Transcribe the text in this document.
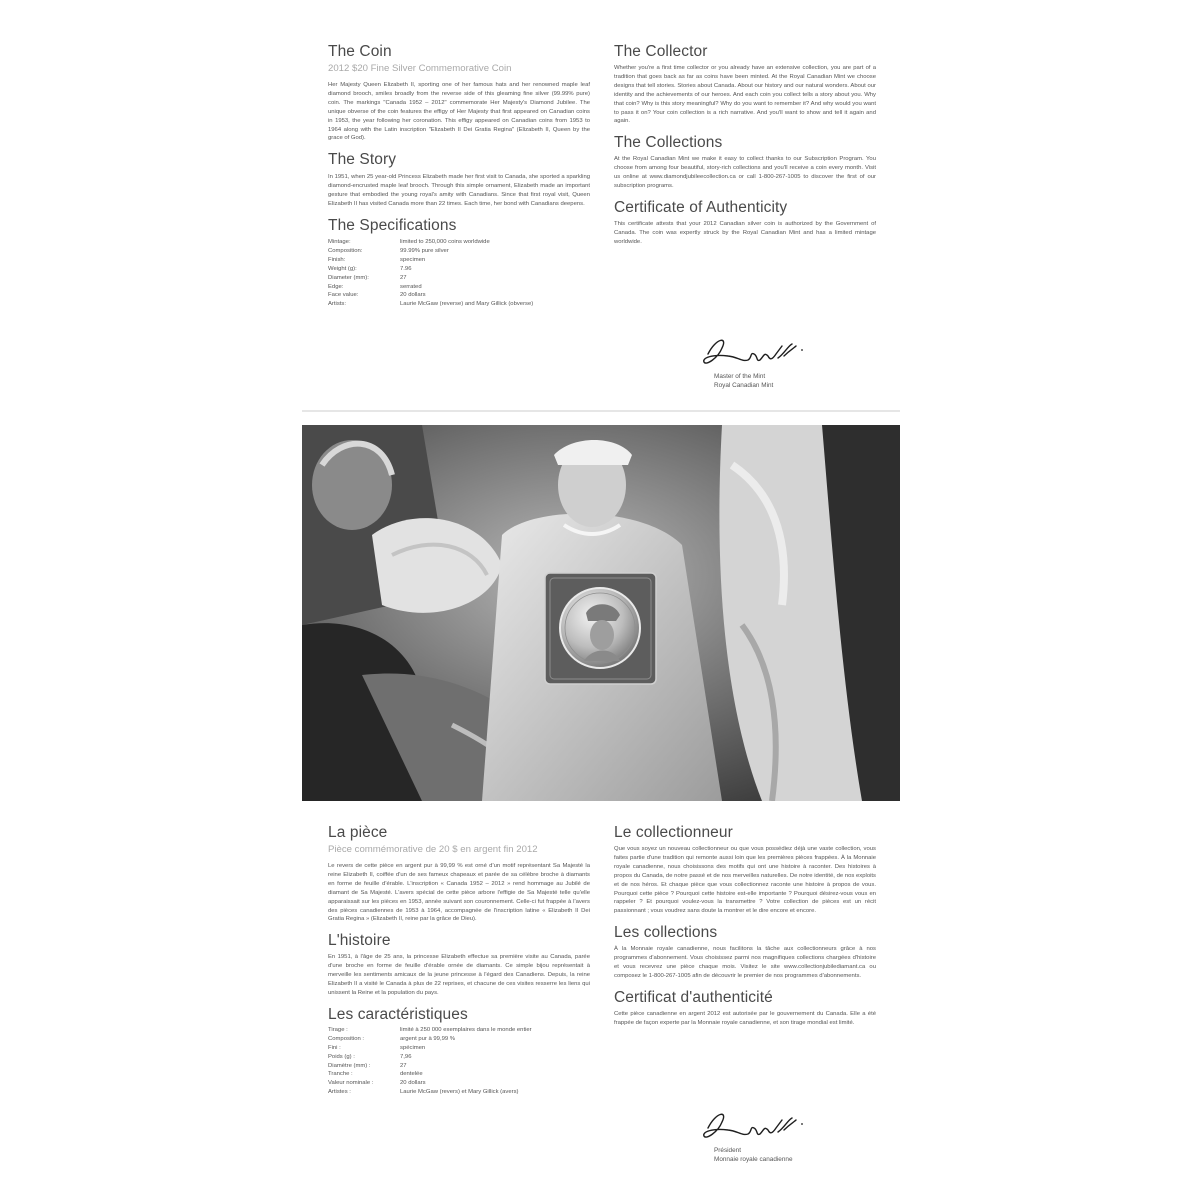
The Coin
2012 $20 Fine Silver Commemorative Coin

Her Majesty Queen Elizabeth II, sporting one of her famous hats and her renowned maple leaf diamond brooch, smiles broadly from the reverse side of this gleaming fine silver (99.99% pure) coin. The markings "Canada 1952 – 2012" commemorate Her Majesty's Diamond Jubilee. The unique obverse of the coin features the effigy of Her Majesty that first appeared on Canadian coins in 1953, the year following her coronation. This effigy appeared on Canadian coins from 1953 to 1964 along with the Latin inscription "Elizabeth II Dei Gratia Regina" (Elizabeth II, Queen by the grace of God).

The Story

In 1951, when 25 year-old Princess Elizabeth made her first visit to Canada, she sported a sparkling diamond-encrusted maple leaf brooch. Through this simple ornament, Elizabeth made an important gesture that embodied the young royal's amity with Canadians. Since that first royal visit, Queen Elizabeth II has visited Canada more than 22 times. Each time, her bond with Canadians deepens.

The Specifications
Mintage:	limited to 250,000 coins worldwide
Composition:	99.99% pure silver
Finish:	specimen
Weight (g):	7.96
Diameter (mm):	27
Edge:	serrated
Face value:	20 dollars
Artists:	Laurie McGaw (reverse) and Mary Gillick (obverse)
The Collector

Whether you're a first time collector or you already have an extensive collection, you are part of a tradition that goes back as far as coins have been minted. At the Royal Canadian Mint we choose designs that tell stories. Stories about Canada. About our history and our natural wonders. About our identity and the achievements of our heroes. And each coin you collect tells a story about you. Why that coin? Why is this story meaningful? Why do you want to remember it? And why would you want to pass it on? Your coin collection is a rich narrative. And you'll want to show and tell it again and again.

The Collections

At the Royal Canadian Mint we make it easy to collect thanks to our Subscription Program. You choose from among four beautiful, story-rich collections and you'll receive a coin every month. Visit us online at www.diamondjubileecollection.ca or call 1-800-267-1005 to discover the first of our subscription programs.

Certificate of Authenticity

This certificate attests that your 2012 Canadian silver coin is authorized by the Government of Canada. The coin was expertly struck by the Royal Canadian Mint and has a limited mintage worldwide.

Master of the Mint
Royal Canadian Mint
La pièce
Pièce commémorative de 20 $ en argent fin 2012

Le revers de cette pièce en argent pur à 99,99 % est orné d'un motif représentant Sa Majesté la reine Elizabeth II, coiffée d'un de ses fameux chapeaux et parée de sa célèbre broche à diamants en forme de feuille d'érable. L'inscription « Canada 1952 – 2012 » rend hommage au Jubilé de diamant de Sa Majesté. L'avers spécial de cette pièce arbore l'effigie de Sa Majesté telle qu'elle apparaissait sur les pièces en 1953, année suivant son couronnement. Celle-ci fut frappée à l'avers des pièces canadiennes de 1953 à 1964, accompagnée de l'inscription latine « Elizabeth II Dei Gratia Regina » (Elizabeth II, reine par la grâce de Dieu).

L'histoire

En 1951, à l'âge de 25 ans, la princesse Elizabeth effectue sa première visite au Canada, parée d'une broche en forme de feuille d'érable ornée de diamants. Ce simple bijou représentait à merveille les sentiments amicaux de la jeune princesse à l'égard des Canadiens. Depuis, la reine Elizabeth II a visité le Canada à plus de 22 reprises, et chacune de ces visites resserre les liens qui unissent la Reine et la population du pays.

Les caractéristiques
Tirage :	limité à 250 000 exemplaires dans le monde entier
Composition :	argent pur à 99,99 %
Fini :	spécimen
Poids (g) :	7,96
Diamètre (mm) :	27
Tranche :	dentelée
Valeur nominale :	20 dollars
Artistes :	Laurie McGaw (revers) et Mary Gillick (avers)
Le collectionneur

Que vous soyez un nouveau collectionneur ou que vous possédiez déjà une vaste collection, vous faites partie d'une tradition qui remonte aussi loin que les premières pièces frappées. À la Monnaie royale canadienne, nous choisissons des motifs qui ont une histoire à raconter. Des histoires à propos du Canada, de notre passé et de nos merveilles naturelles. De notre identité, de nos exploits et de nos héros. Et chaque pièce que vous collectionnez raconte une histoire à propos de vous. Pourquoi cette pièce ? Pourquoi cette histoire est-elle importante ? Pourquoi désirez-vous vous en rappeler ? Et pourquoi voulez-vous la transmettre ? Votre collection de pièces est un récit passionnant ; vous voudrez sans doute la montrer et le dire encore et encore.

Les collections

À la Monnaie royale canadienne, nous facilitons la tâche aux collectionneurs grâce à nos programmes d'abonnement. Vous choisissez parmi nos magnifiques collections chargées d'histoire et vous recevrez une pièce chaque mois. Visitez le site www.collectionjubilediamant.ca ou composez le 1-800-267-1005 afin de découvrir le premier de nos programmes d'abonnements.

Certificat d'authenticité

Cette pièce canadienne en argent 2012 est autorisée par le gouvernement du Canada. Elle a été frappée de façon experte par la Monnaie royale canadienne, et son tirage mondial est limité.

Président
Monnaie royale canadienne
